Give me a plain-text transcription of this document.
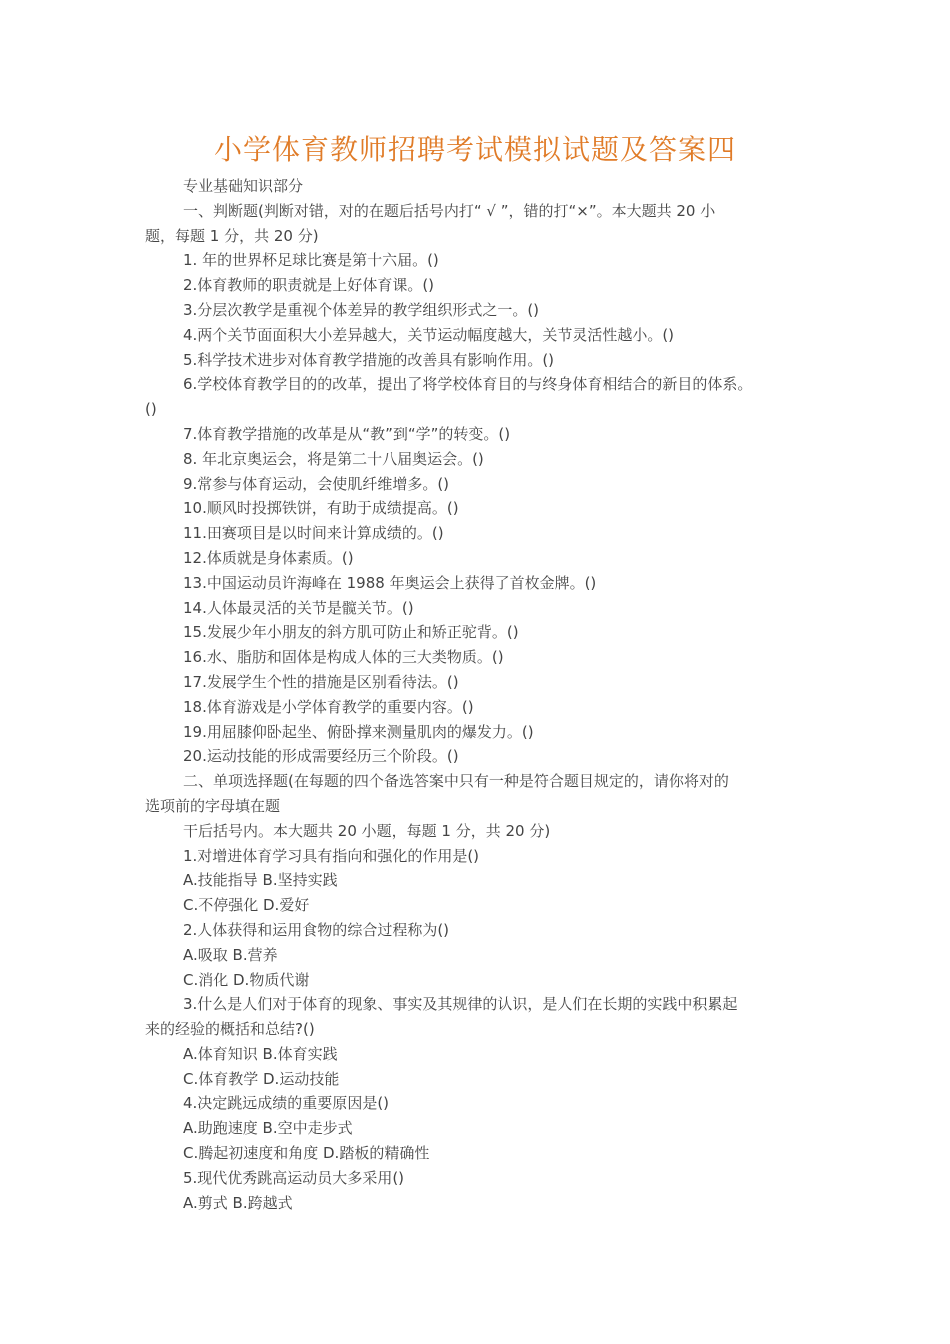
小学体育教师招聘考试模拟试题及答案四

专业基础知识部分

一、判断题(判断对错，对的在题后括号内打“ √ ”，错的打“×”。本大题共 20 小

题，每题 1 分，共 20 分)

1. 年的世界杯足球比赛是第十六届。()

2.体育教师的职责就是上好体育课。()

3.分层次教学是重视个体差异的教学组织形式之一。()

4.两个关节面面积大小差异越大，关节运动幅度越大，关节灵活性越小。()

5.科学技术进步对体育教学措施的改善具有影响作用。()

6.学校体育教学目的的改革，提出了将学校体育目的与终身体育相结合的新目的体系。

()

7.体育教学措施的改革是从“教”到“学”的转变。()

8. 年北京奥运会，将是第二十八届奥运会。()

9.常参与体育运动，会使肌纤维增多。()

10.顺风时投掷铁饼，有助于成绩提高。()

11.田赛项目是以时间来计算成绩的。()

12.体质就是身体素质。()

13.中国运动员许海峰在 1988 年奥运会上获得了首枚金牌。()

14.人体最灵活的关节是髋关节。()

15.发展少年小朋友的斜方肌可防止和矫正驼背。()

16.水、脂肪和固体是构成人体的三大类物质。()

17.发展学生个性的措施是区别看待法。()

18.体育游戏是小学体育教学的重要内容。()

19.用屈膝仰卧起坐、俯卧撑来测量肌肉的爆发力。()

20.运动技能的形成需要经历三个阶段。()

二、单项选择题(在每题的四个备选答案中只有一种是符合题目规定的，请你将对的

选项前的字母填在题

干后括号内。本大题共 20 小题，每题 1 分，共 20 分)

1.对增进体育学习具有指向和强化的作用是()

A.技能指导 B.坚持实践

C.不停强化 D.爱好

2.人体获得和运用食物的综合过程称为()

A.吸取 B.营养

C.消化 D.物质代谢

3.什么是人们对于体育的现象、事实及其规律的认识，是人们在长期的实践中积累起

来的经验的概括和总结?()

A.体育知识 B.体育实践

C.体育教学 D.运动技能

4.决定跳远成绩的重要原因是()

A.助跑速度 B.空中走步式

C.腾起初速度和角度 D.踏板的精确性

5.现代优秀跳高运动员大多采用()

A.剪式 B.跨越式
